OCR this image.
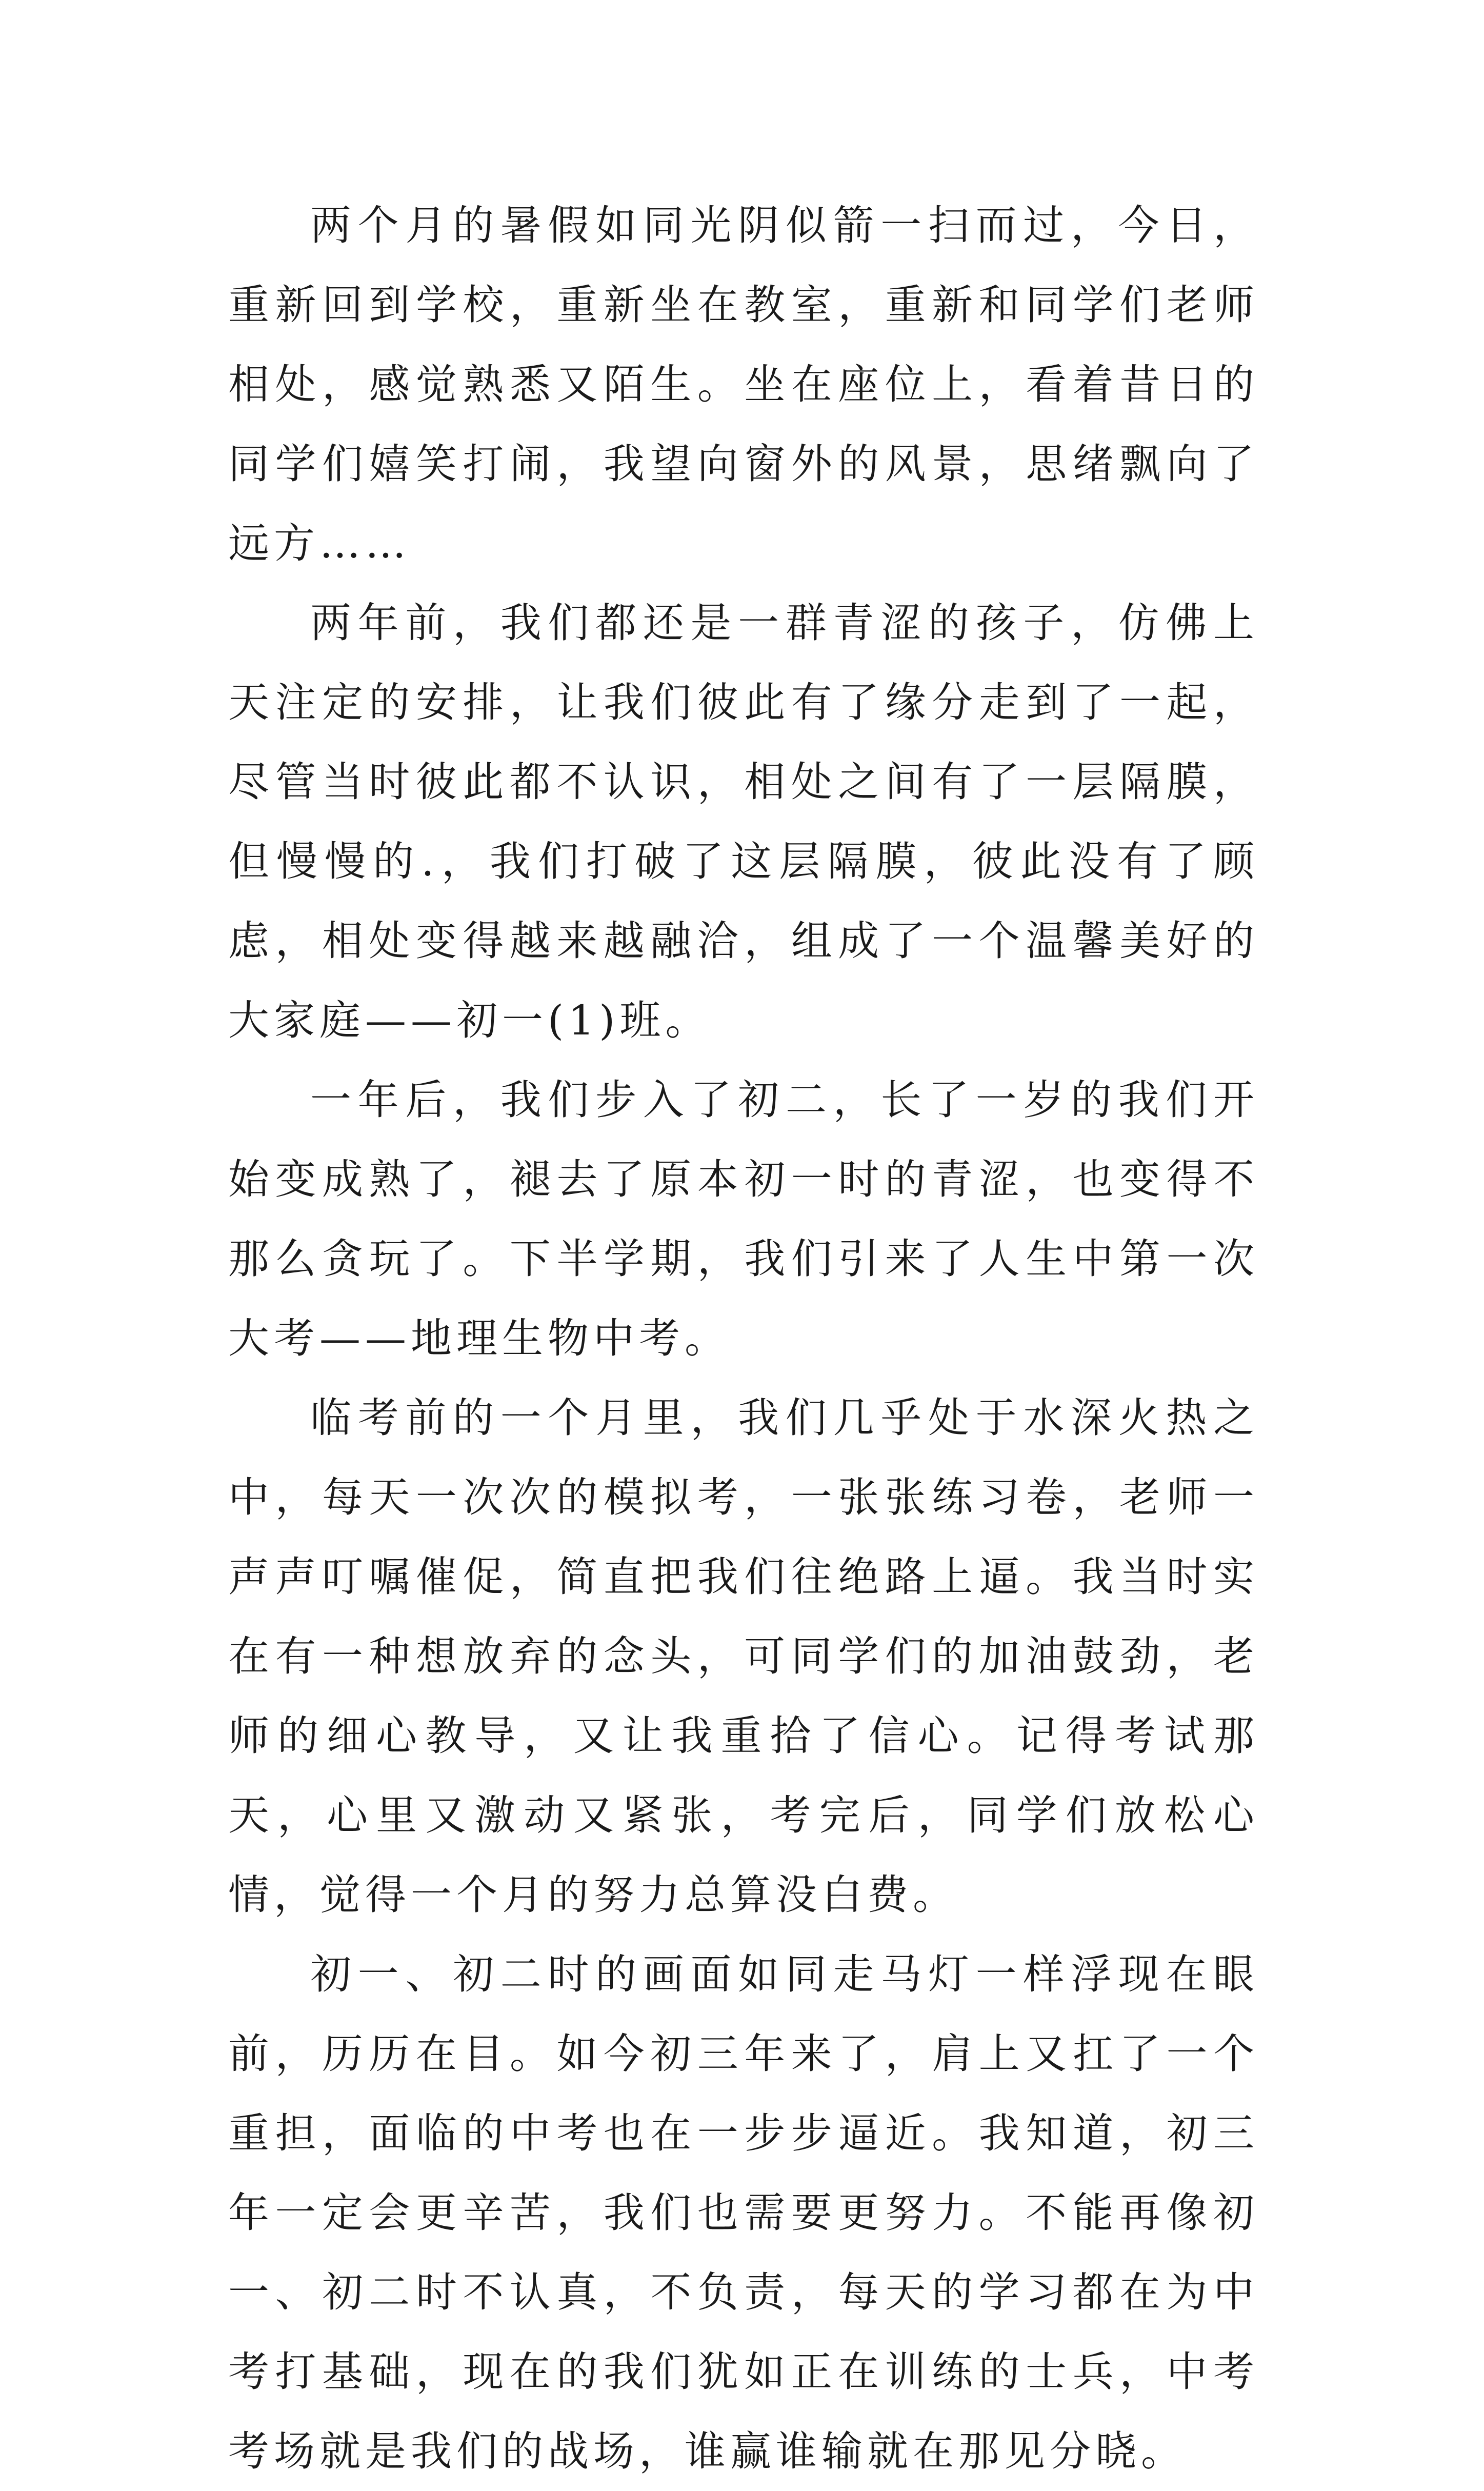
两个月的暑假如同光阴似箭一扫而过，今日，重新回到学校，重新坐在教室，重新和同学们老师相处，感觉熟悉又陌生。坐在座位上，看着昔日的同学们嬉笑打闹，我望向窗外的风景，思绪飘向了远方……

两年前，我们都还是一群青涩的孩子，仿佛上天注定的安排，让我们彼此有了缘分走到了一起，尽管当时彼此都不认识，相处之间有了一层隔膜，但慢慢的.，我们打破了这层隔膜，彼此没有了顾虑，相处变得越来越融洽，组成了一个温馨美好的大家庭——初一(1)班。

一年后，我们步入了初二，长了一岁的我们开始变成熟了，褪去了原本初一时的青涩，也变得不那么贪玩了。下半学期，我们引来了人生中第一次大考——地理生物中考。

临考前的一个月里，我们几乎处于水深火热之中，每天一次次的模拟考，一张张练习卷，老师一声声叮嘱催促，简直把我们往绝路上逼。我当时实在有一种想放弃的念头，可同学们的加油鼓劲，老师的细心教导，又让我重拾了信心。记得考试那天，心里又激动又紧张，考完后，同学们放松心情，觉得一个月的努力总算没白费。

初一、初二时的画面如同走马灯一样浮现在眼前，历历在目。如今初三年来了，肩上又扛了一个重担，面临的中考也在一步步逼近。我知道，初三年一定会更辛苦，我们也需要更努力。不能再像初一、初二时不认真，不负责，每天的学习都在为中考打基础，现在的我们犹如正在训练的士兵，中考考场就是我们的战场，谁赢谁输就在那见分晓。
